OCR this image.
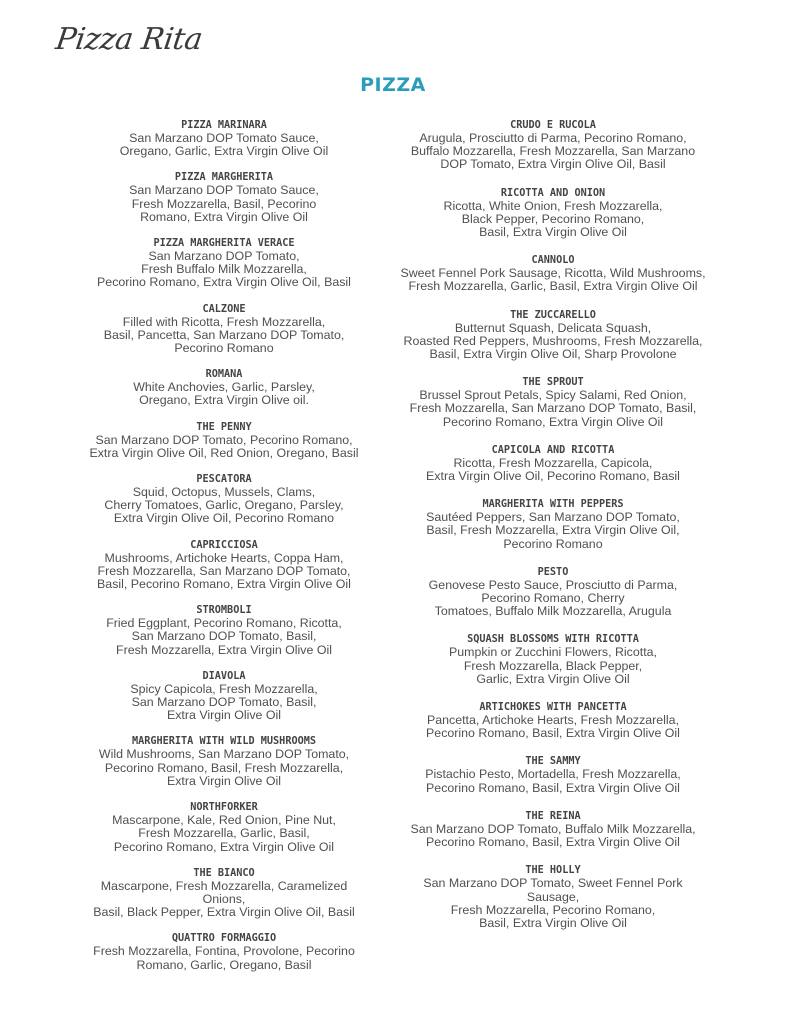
Pizza Rita
PIZZA
PIZZA MARINARA
San Marzano DOP Tomato Sauce,
Oregano, Garlic, Extra Virgin Olive Oil
PIZZA MARGHERITA
San Marzano DOP Tomato Sauce,
Fresh Mozzarella, Basil, Pecorino
Romano, Extra Virgin Olive Oil
PIZZA MARGHERITA VERACE
San Marzano DOP Tomato,
Fresh Buffalo Milk Mozzarella,
Pecorino Romano, Extra Virgin Olive Oil, Basil
CALZONE
Filled with Ricotta, Fresh Mozzarella,
Basil, Pancetta, San Marzano DOP Tomato,
Pecorino Romano
ROMANA
White Anchovies, Garlic, Parsley,
Oregano, Extra Virgin Olive oil.
THE PENNY
San Marzano DOP Tomato, Pecorino Romano,
Extra Virgin Olive Oil, Red Onion, Oregano, Basil
PESCATORA
Squid, Octopus, Mussels, Clams,
Cherry Tomatoes, Garlic, Oregano, Parsley,
Extra Virgin Olive Oil, Pecorino Romano
CAPRICCIOSA
Mushrooms, Artichoke Hearts, Coppa Ham,
Fresh Mozzarella, San Marzano DOP Tomato,
Basil, Pecorino Romano, Extra Virgin Olive Oil
STROMBOLI
Fried Eggplant, Pecorino Romano, Ricotta,
San Marzano DOP Tomato, Basil,
Fresh Mozzarella, Extra Virgin Olive Oil
DIAVOLA
Spicy Capicola, Fresh Mozzarella,
San Marzano DOP Tomato, Basil,
Extra Virgin Olive Oil
MARGHERITA WITH WILD MUSHROOMS
Wild Mushrooms, San Marzano DOP Tomato,
Pecorino Romano, Basil, Fresh Mozzarella,
Extra Virgin Olive Oil
NORTHFORKER
Mascarpone, Kale, Red Onion, Pine Nut,
Fresh Mozzarella, Garlic, Basil,
Pecorino Romano, Extra Virgin Olive Oil
THE BIANCO
Mascarpone, Fresh Mozzarella, Caramelized Onions,
Basil, Black Pepper, Extra Virgin Olive Oil, Basil
QUATTRO FORMAGGIO
Fresh Mozzarella, Fontina, Provolone, Pecorino
Romano, Garlic, Oregano, Basil
CRUDO E RUCOLA
Arugula, Prosciutto di Parma, Pecorino Romano,
Buffalo Mozzarella, Fresh Mozzarella, San Marzano
DOP Tomato, Extra Virgin Olive Oil, Basil
RICOTTA AND ONION
Ricotta, White Onion, Fresh Mozzarella,
Black Pepper, Pecorino Romano,
Basil, Extra Virgin Olive Oil
CANNOLO
Sweet Fennel Pork Sausage, Ricotta, Wild Mushrooms,
Fresh Mozzarella, Garlic, Basil, Extra Virgin Olive Oil
THE ZUCCARELLO
Butternut Squash, Delicata Squash,
Roasted Red Peppers, Mushrooms, Fresh Mozzarella,
Basil, Extra Virgin Olive Oil, Sharp Provolone
THE SPROUT
Brussel Sprout Petals, Spicy Salami, Red Onion,
Fresh Mozzarella, San Marzano DOP Tomato, Basil,
Pecorino Romano, Extra Virgin Olive Oil
CAPICOLA AND RICOTTA
Ricotta, Fresh Mozzarella, Capicola,
Extra Virgin Olive Oil, Pecorino Romano, Basil
MARGHERITA WITH PEPPERS
Sautéed Peppers, San Marzano DOP Tomato,
Basil, Fresh Mozzarella, Extra Virgin Olive Oil,
Pecorino Romano
PESTO
Genovese Pesto Sauce, Prosciutto di Parma,
Pecorino Romano, Cherry
Tomatoes, Buffalo Milk Mozzarella, Arugula
SQUASH BLOSSOMS WITH RICOTTA
Pumpkin or Zucchini Flowers, Ricotta,
Fresh Mozzarella, Black Pepper,
Garlic, Extra Virgin Olive Oil
ARTICHOKES WITH PANCETTA
Pancetta, Artichoke Hearts, Fresh Mozzarella,
Pecorino Romano, Basil, Extra Virgin Olive Oil
THE SAMMY
Pistachio Pesto, Mortadella, Fresh Mozzarella,
Pecorino Romano, Basil, Extra Virgin Olive Oil
THE REINA
San Marzano DOP Tomato, Buffalo Milk Mozzarella,
Pecorino Romano, Basil, Extra Virgin Olive Oil
THE HOLLY
San Marzano DOP Tomato, Sweet Fennel Pork Sausage,
Fresh Mozzarella, Pecorino Romano,
Basil, Extra Virgin Olive Oil
